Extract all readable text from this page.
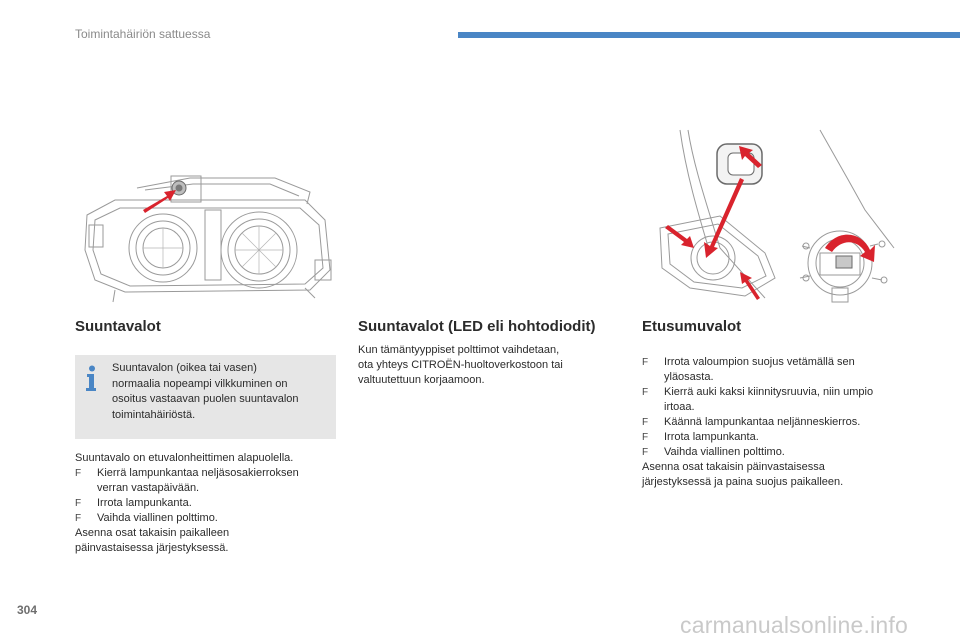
Toimintahäiriön sattuessa
Suuntavalot
Suuntavalon (oikea tai vasen)
normaalia nopeampi vilkkuminen on
osoitus vastaavan puolen suuntavalon
toimintahäiriöstä.
Suuntavalo on etuvalonheittimen alapuolella.
F	Kierrä lampunkantaa neljäsosakierroksen
verran vastapäivään.
F	Irrota lampunkanta.
F	Vaihda viallinen polttimo.
Asenna osat takaisin paikalleen
päinvastaisessa järjestyksessä.
Suuntavalot (LED eli hohtodiodit)
Kun tämäntyyppiset polttimot vaihdetaan,
ota yhteys CITROËN-huoltoverkostoon tai
valtuutettuun korjaamoon.
Etusumuvalot
F	Irrota valoumpion suojus vetämällä sen
yläosasta.
F	Kierrä auki kaksi kiinnitysruuvia, niin umpio
irtoaa.
F	Käännä lampunkantaa neljänneskierros.
F	Irrota lampunkanta.
F	Vaihda viallinen polttimo.
Asenna osat takaisin päinvastaisessa
järjestyksessä ja paina suojus paikalleen.
304
carmanualsonline.info
